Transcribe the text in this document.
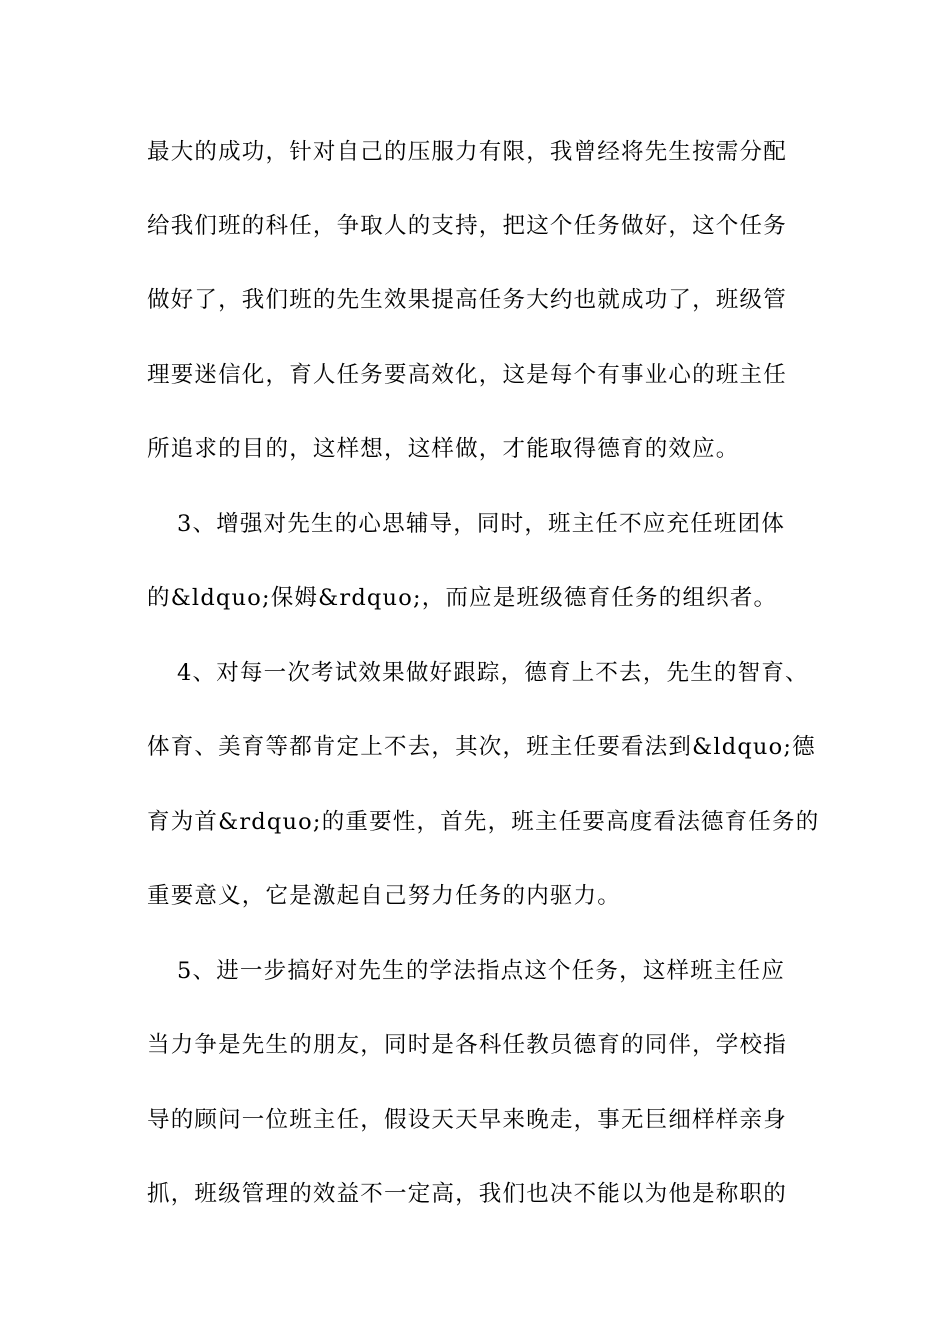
最大的成功，针对自己的压服力有限，我曾经将先生按需分配
给我们班的科任，争取人的支持，把这个任务做好，这个任务
做好了，我们班的先生效果提高任务大约也就成功了，班级管
理要迷信化，育人任务要高效化，这是每个有事业心的班主任
所追求的目的，这样想，这样做，才能取得德育的效应。
3、增强对先生的心思辅导，同时，班主任不应充任班团体
的&ldquo;保姆&rdquo;，而应是班级德育任务的组织者。
4、对每一次考试效果做好跟踪，德育上不去，先生的智育、
体育、美育等都肯定上不去，其次，班主任要看法到&ldquo;德
育为首&rdquo;的重要性，首先，班主任要高度看法德育任务的
重要意义，它是激起自己努力任务的内驱力。
5、进一步搞好对先生的学法指点这个任务，这样班主任应
当力争是先生的朋友，同时是各科任教员德育的同伴，学校指
导的顾问一位班主任，假设天天早来晚走，事无巨细样样亲身
抓，班级管理的效益不一定高，我们也决不能以为他是称职的
